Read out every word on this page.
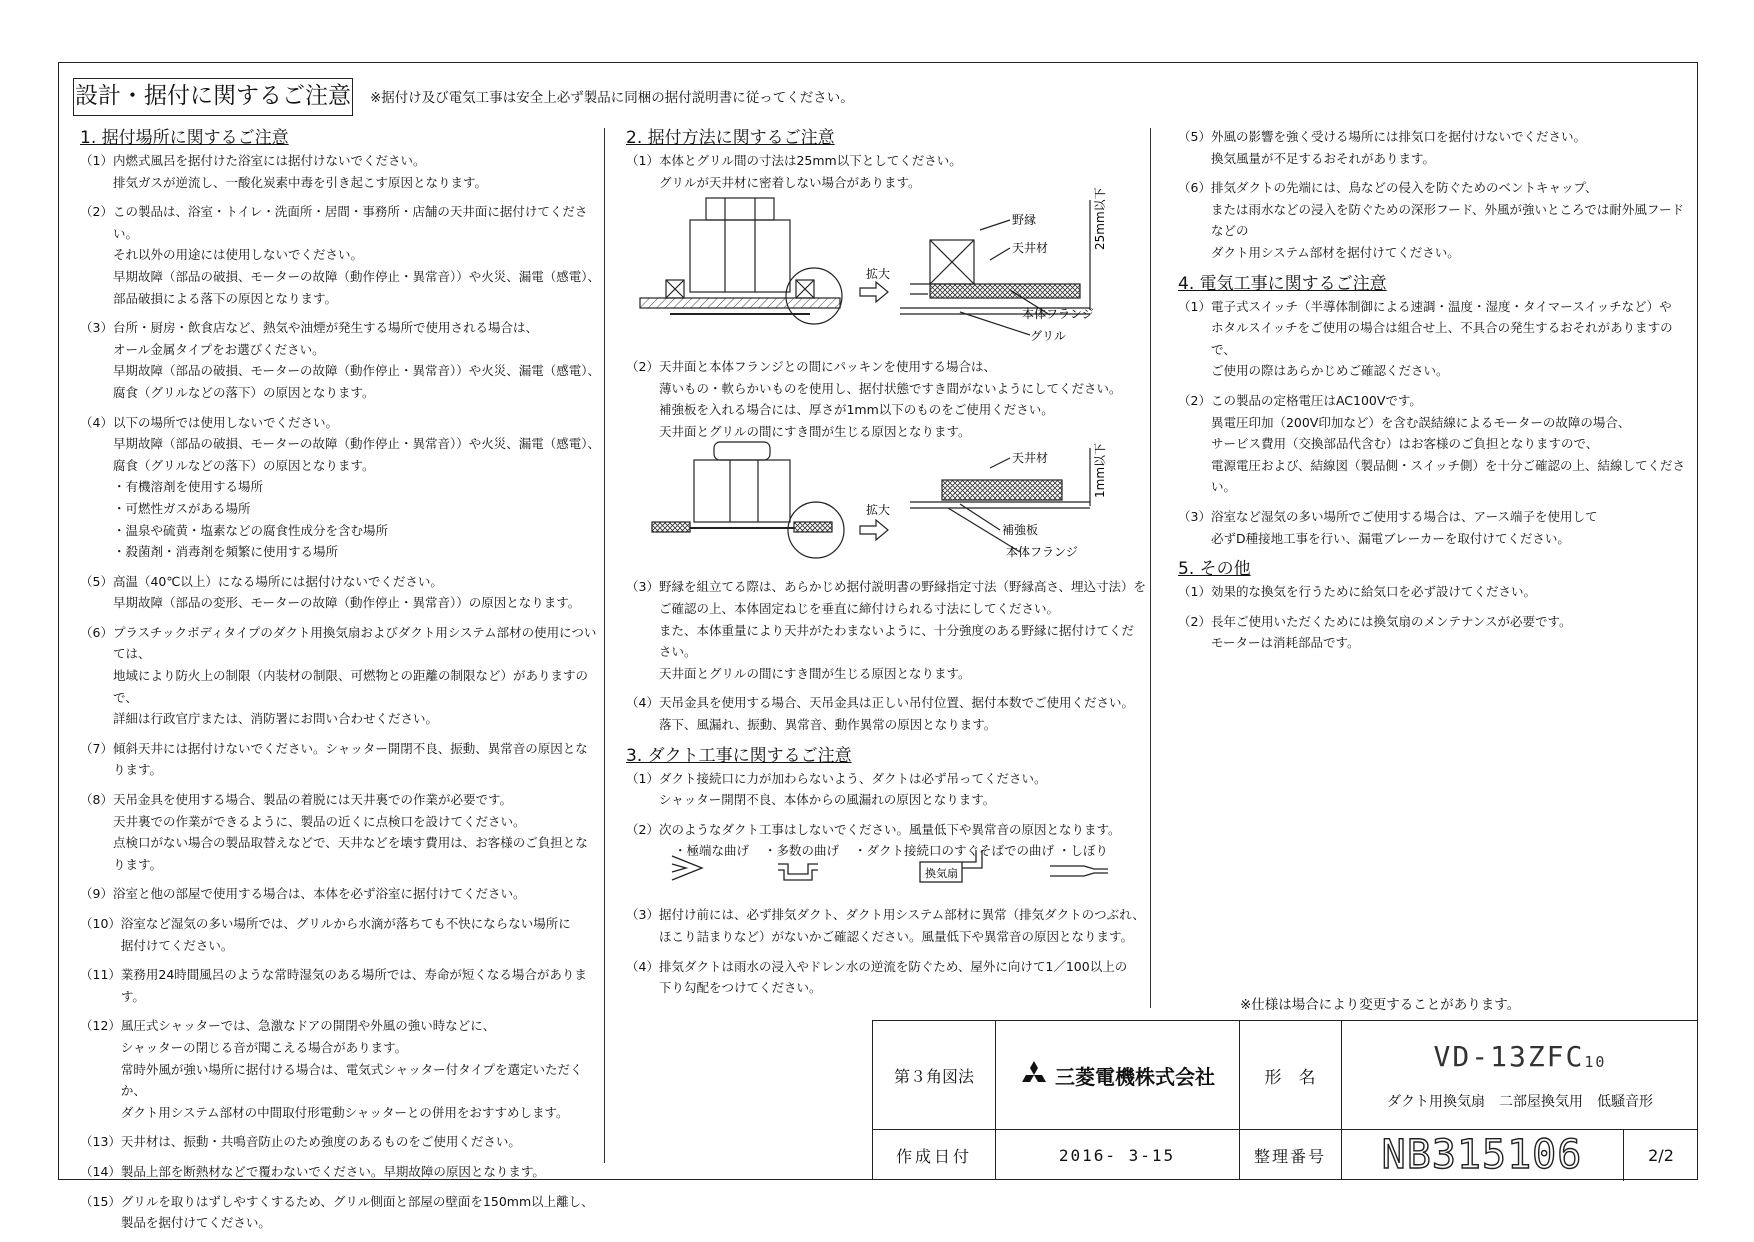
設計・据付に関するご注意 ※据付け及び電気工事は安全上必ず製品に同梱の据付説明書に従ってください。

1. 据付場所に関するご注意

（1） 内燃式風呂を据付けた浴室には据付けないでください。
排気ガスが逆流し、一酸化炭素中毒を引き起こす原因となります。
（2） この製品は、浴室・トイレ・洗面所・居間・事務所・店舗の天井面に据付けてください。
それ以外の用途には使用しないでください。
早期故障（部品の破損、モーターの故障（動作停止・異常音））や火災、漏電（感電）、
部品破損による落下の原因となります。
（3） 台所・厨房・飲食店など、熱気や油煙が発生する場所で使用される場合は、
オール金属タイプをお選びください。
早期故障（部品の破損、モーターの故障（動作停止・異常音））や火災、漏電（感電）、
腐食（グリルなどの落下）の原因となります。
（4） 以下の場所では使用しないでください。
早期故障（部品の破損、モーターの故障（動作停止・異常音））や火災、漏電（感電）、
腐食（グリルなどの落下）の原因となります。
・有機溶剤を使用する場所
・可燃性ガスがある場所
・温泉や硫黄・塩素などの腐食性成分を含む場所
・殺菌剤・消毒剤を頻繁に使用する場所
（5） 高温（40℃以上）になる場所には据付けないでください。
早期故障（部品の変形、モーターの故障（動作停止・異常音））の原因となります。
（6） プラスチックボディタイプのダクト用換気扇およびダクト用システム部材の使用については、
地域により防火上の制限（内装材の制限、可燃物との距離の制限など）がありますので、
詳細は行政官庁または、消防署にお問い合わせください。
（7） 傾斜天井には据付けないでください。シャッター開閉不良、振動、異常音の原因となります。
（8） 天吊金具を使用する場合、製品の着脱には天井裏での作業が必要です。
天井裏での作業ができるように、製品の近くに点検口を設けてください。
点検口がない場合の製品取替えなどで、天井などを壊す費用は、お客様のご負担となります。
（9） 浴室と他の部屋で使用する場合は、本体を必ず浴室に据付けてください。
（10） 浴室など湿気の多い場所では、グリルから水滴が落ちても不快にならない場所に
据付けてください。
（11） 業務用24時間風呂のような常時湿気のある場所では、寿命が短くなる場合があります。
（12） 風圧式シャッターでは、急激なドアの開閉や外風の強い時などに、
シャッターの閉じる音が聞こえる場合があります。
常時外風が強い場所に据付ける場合は、電気式シャッター付タイプを選定いただくか、
ダクト用システム部材の中間取付形電動シャッターとの併用をおすすめします。
（13） 天井材は、振動・共鳴音防止のため強度のあるものをご使用ください。
（14） 製品上部を断熱材などで覆わないでください。早期故障の原因となります。
（15） グリルを取りはずしやすくするため、グリル側面と部屋の壁面を150mm以上離し、
製品を据付けてください。

2. 据付方法に関するご注意

（1） 本体とグリル間の寸法は25mm以下としてください。
グリルが天井材に密着しない場合があります。
（2） 天井面と本体フランジとの間にパッキンを使用する場合は、
薄いもの・軟らかいものを使用し、据付状態ですき間がないようにしてください。
補強板を入れる場合には、厚さが1mm以下のものをご使用ください。
天井面とグリルの間にすき間が生じる原因となります。
（3） 野縁を組立てる際は、あらかじめ据付説明書の野縁指定寸法（野縁高さ、埋込寸法）を
ご確認の上、本体固定ねじを垂直に締付けられる寸法にしてください。
また、本体重量により天井がたわまないように、十分強度のある野縁に据付けてください。
天井面とグリルの間にすき間が生じる原因となります。
（4） 天吊金具を使用する場合、天吊金具は正しい吊付位置、据付本数でご使用ください。
落下、風漏れ、振動、異常音、動作異常の原因となります。

3. ダクト工事に関するご注意

（1） ダクト接続口に力が加わらないよう、ダクトは必ず吊ってください。
シャッター開閉不良、本体からの風漏れの原因となります。
（2） 次のようなダクト工事はしないでください。風量低下や異常音の原因となります。
・極端な曲げ ・多数の曲げ ・ダクト接続口のすぐそばでの曲げ ・しぼり
（3） 据付け前には、必ず排気ダクト、ダクト用システム部材に異常（排気ダクトのつぶれ、
ほこり詰まりなど）がないかご確認ください。風量低下や異常音の原因となります。
（4） 排気ダクトは雨水の浸入やドレン水の逆流を防ぐため、屋外に向けて1／100以上の
下り勾配をつけてください。
拡大
野縁
天井材
本体フランジ
グリル
25mm以下
拡大
天井材
補強板
本体フランジ
1mm以下
換気扇
（5） 外風の影響を強く受ける場所には排気口を据付けないでください。
換気風量が不足するおそれがあります。
（6） 排気ダクトの先端には、鳥などの侵入を防ぐためのベントキャップ、
または雨水などの浸入を防ぐための深形フード、外風が強いところでは耐外風フードなどの
ダクト用システム部材を据付けてください。

4. 電気工事に関するご注意

（1） 電子式スイッチ（半導体制御による速調・温度・湿度・タイマースイッチなど）や
ホタルスイッチをご使用の場合は組合せ上、不具合の発生するおそれがありますので、
ご使用の際はあらかじめご確認ください。
（2） この製品の定格電圧はAC100Vです。
異電圧印加（200V印加など）を含む誤結線によるモーターの故障の場合、
サービス費用（交換部品代含む）はお客様のご負担となりますので、
電源電圧および、結線図（製品側・スイッチ側）を十分ご確認の上、結線してください。
（3） 浴室など湿気の多い場所でご使用する場合は、アース端子を使用して
必ずD種接地工事を行い、漏電ブレーカーを取付けてください。

5. その他

（1） 効果的な換気を行うために給気口を必ず設けてください。
（2） 長年ご使用いただくためには換気扇のメンテナンスが必要です。
モーターは消耗部品です。
※仕様は場合により変更することがあります。
第３角図法	三菱電機株式会社	形　名
VD-13ZFC 10
ダクト用換気扇　二部屋換気用　低騒音形
作成日付	2016- 3-15	整理番号	NB315106	2/2
